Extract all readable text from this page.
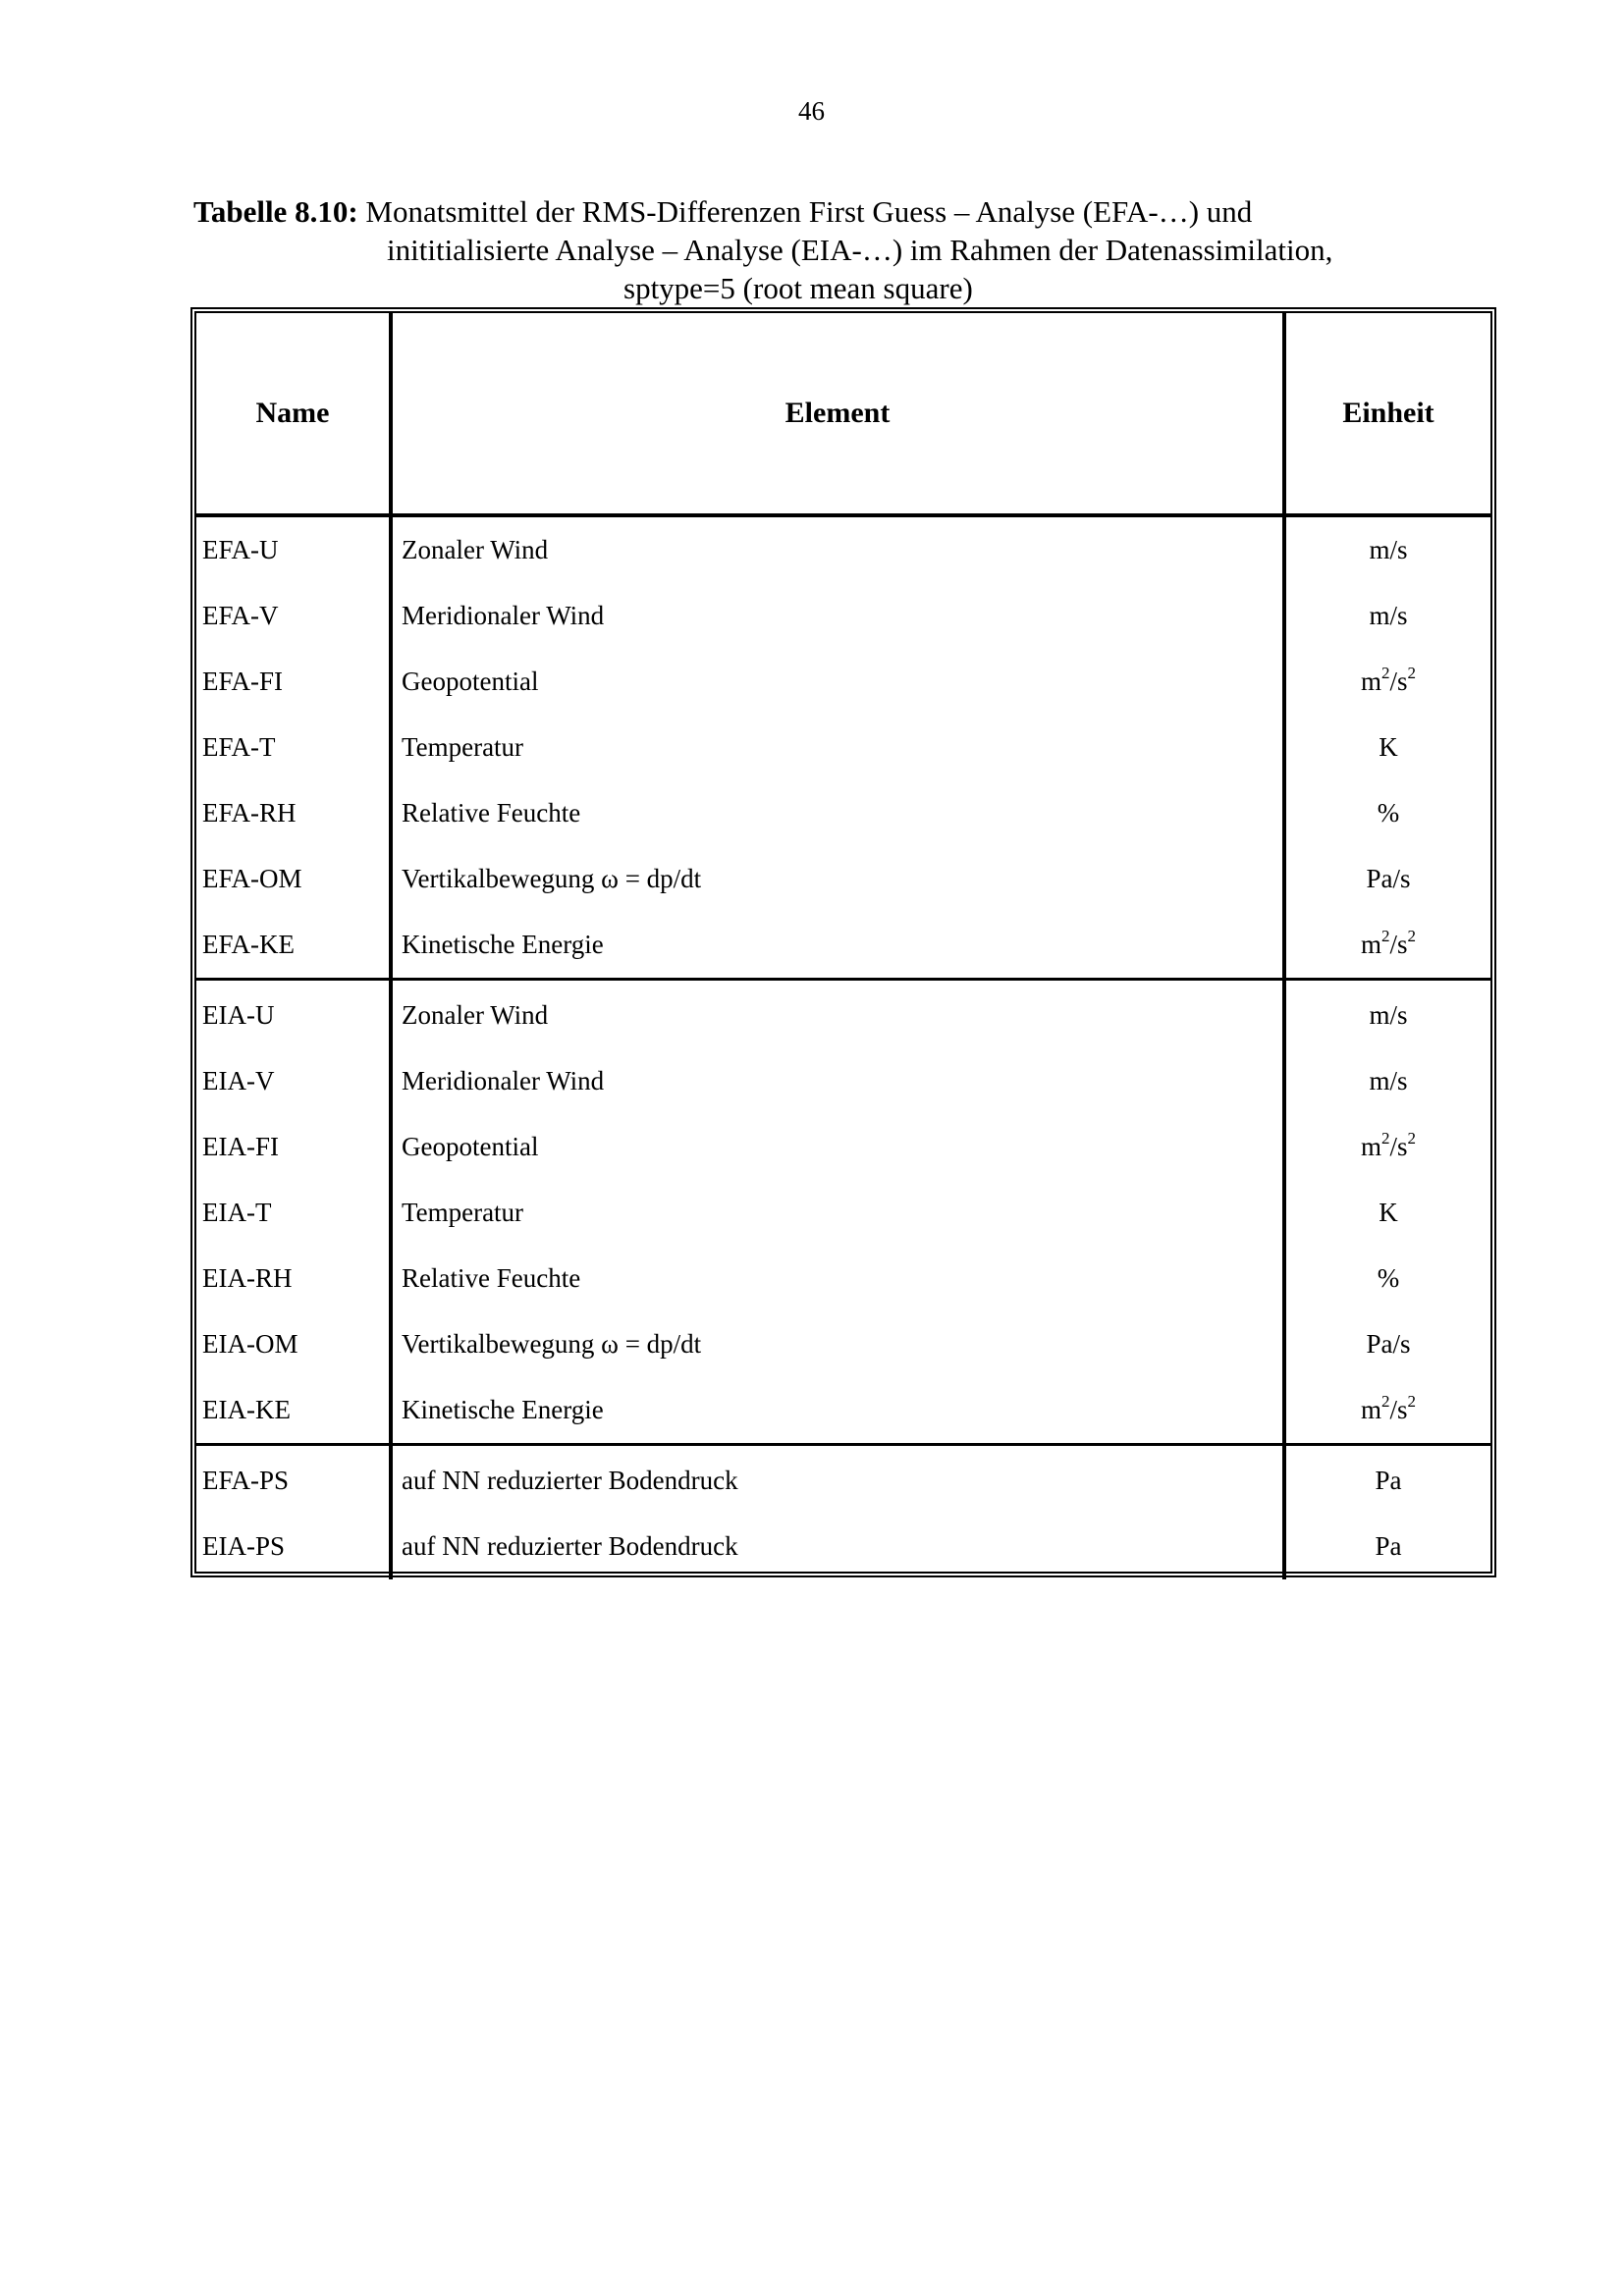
46
Tabelle 8.10: Monatsmittel der RMS-Differenzen First Guess – Analyse (EFA-…) und
inititialisierte Analyse – Analyse (EIA-…) im Rahmen der Datenassimilation,
sptype=5 (root mean square)
Name	Element	Einheit
EFA-U	Zonaler Wind	m/s
EFA-V	Meridionaler Wind	m/s
EFA-FI	Geopotential	$m^2/s^2$
EFA-T	Temperatur	K
EFA-RH	Relative Feuchte	%
EFA-OM	Vertikalbewegung ω = dp/dt	Pa/s
EFA-KE	Kinetische Energie	$m^2/s^2$
EIA-U	Zonaler Wind	m/s
EIA-V	Meridionaler Wind	m/s
EIA-FI	Geopotential	$m^2/s^2$
EIA-T	Temperatur	K
EIA-RH	Relative Feuchte	%
EIA-OM	Vertikalbewegung ω = dp/dt	Pa/s
EIA-KE	Kinetische Energie	$m^2/s^2$
EFA-PS	auf NN reduzierter Bodendruck	Pa
EIA-PS	auf NN reduzierter Bodendruck	Pa
